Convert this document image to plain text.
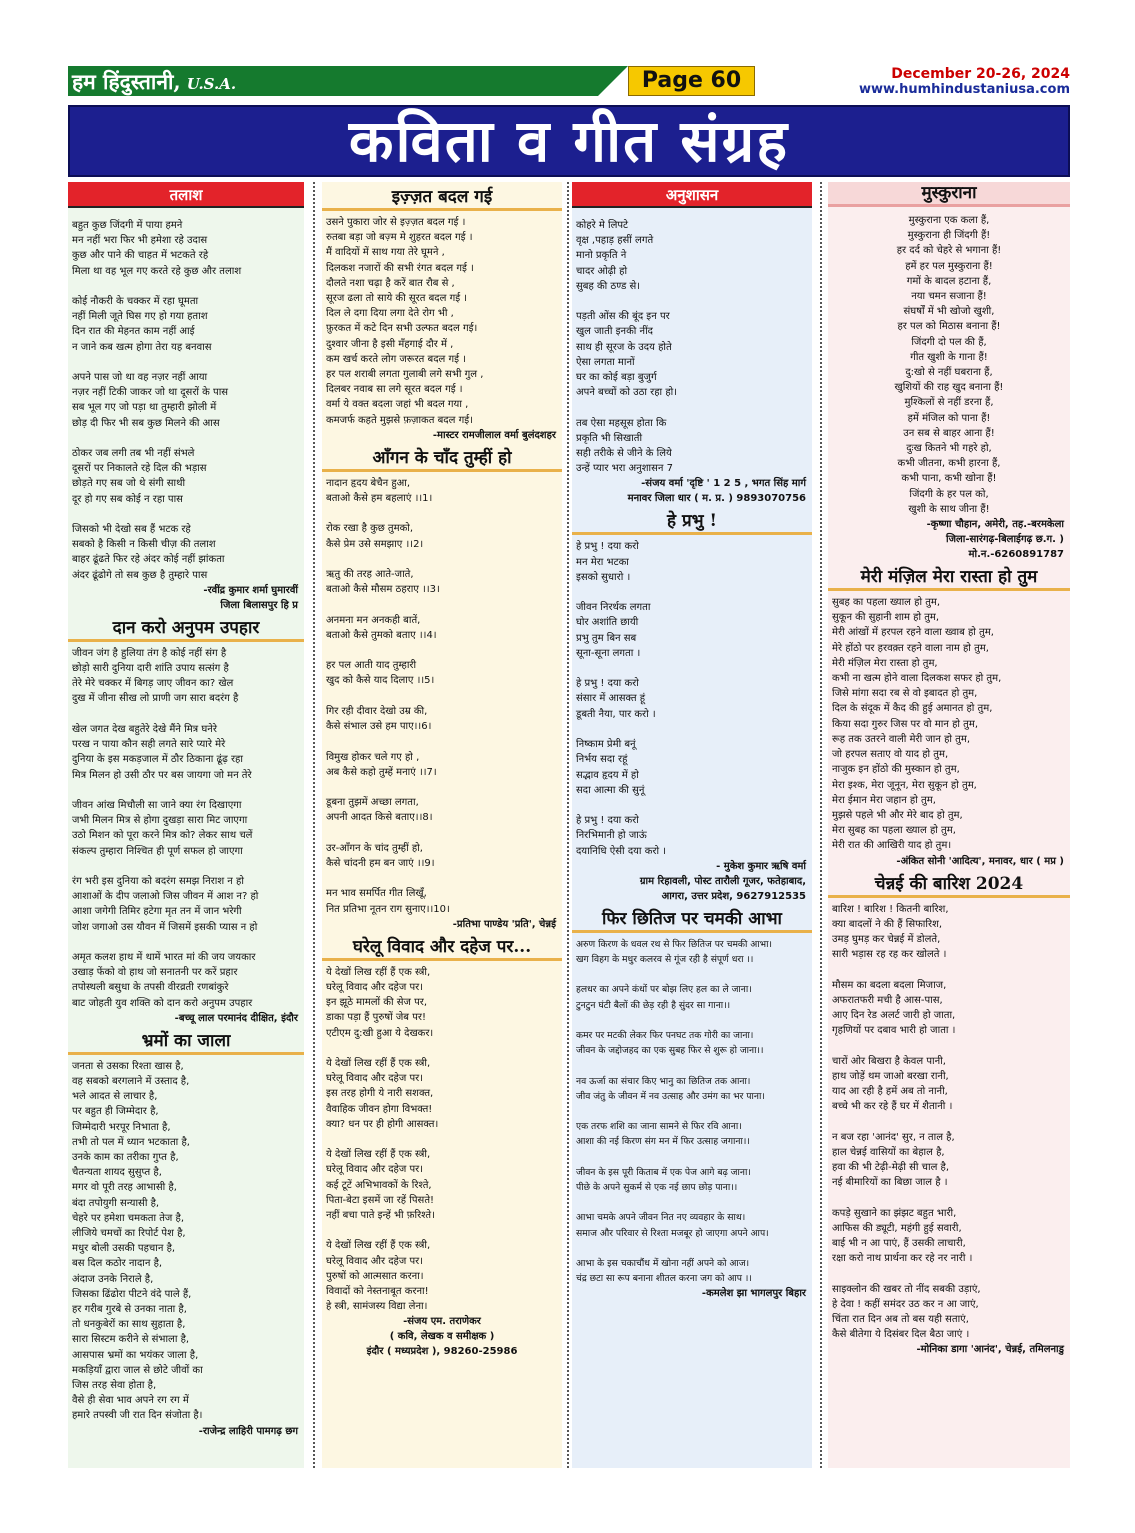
हम हिंदुस्तानी, U.S.A.	Page 60	December 20-26, 2024
www.humhindustaniusa.com
कविता व गीत संग्रह
तलाश
बहुत कुछ जिंदगी में पाया हमने
मन नहीं भरा फिर भी हमेशा रहे उदास
कुछ और पाने की चाहत में भटकते रहे
मिला था वह भूल गए करते रहे कुछ और तलाश

कोई नौकरी के चक्कर में रहा घूमता
नहीं मिली जूते घिस गए हो गया हताश
दिन रात की मेहनत काम नहीं आई
न जाने कब खत्म होगा तेरा यह बनवास

अपने पास जो था वह नज़र नहीं आया
नज़र नहीं टिकी जाकर जो था दूसरों के पास
सब भूल गए जो पड़ा था तुम्हारी झोली में
छोड़ दी फिर भी सब कुछ मिलने की आस

ठोकर जब लगी तब भी नहीं संभले
दूसरों पर निकालते रहे दिल की भड़ास
छोड़ते गए सब जो थे संगी साथी
दूर हो गए सब कोई न रहा पास

जिसको भी देखो सब हैं भटक रहे
सबको है किसी न किसी चीज़ की तलाश
बाहर ढूंढते फिर रहे अंदर कोई नहीं झांकता
अंदर ढूंढोगे तो सब कुछ है तुम्हारे पास
-रवींद्र कुमार शर्मा घुमारवीं
जिला बिलासपुर हि प्र
दान करो अनुपम उपहार
जीवन जंग है हुलिया तंग है कोई नहीं संग है
छोड़ो सारी दुनिया दारी शांति उपाय सत्संग है
तेरे मेरे चक्कर में बिगड़ जाए जीवन का? खेल
दुख में जीना सीख लो प्राणी जग सारा बदरंग है

खेल जगत देख बहुतेरे देखे मैंने मित्र घनेरे
परख न पाया कौन सही लगते सारे प्यारे मेरे
दुनिया के इस मकड़जाल में ठौर ठिकाना ढूंढ़ रहा
मित्र मिलन हो उसी ठौर पर बस जायगा जो मन तेरे

जीवन आंख मिचौली सा जाने क्या रंग दिखाएगा
जभी मिलन मित्र से होगा दुखड़ा सारा मिट जाएगा
उठो मिशन को पूरा करने मित्र को? लेकर साथ चलें
संकल्प तुम्हारा निश्चित ही पूर्ण सफल हो जाएगा

रंग भरी इस दुनिया को बदरंग समझ निराश न हो
आशाओं के दीप जलाओ जिस जीवन में आश न? हो
आशा जगेगी तिमिर हटेगा मृत तन में जान भरेगी
जोश जगाओ उस यौवन में जिसमें इसकी प्यास न हो

अमृत कलश हाथ में थामें भारत मां की जय जयकार
उखाड़ फेंको वो हाथ जो सनातनी पर करें प्रहार
तपोस्थली बसुधा के तपसी वीरव्रती रणबांकुरे
बाट जोहती युव शक्ति को दान करो अनुपम उपहार
-बच्चू लाल परमानंद दीक्षित, इंदौर
भ्रमों का जाला
जनता से उसका रिश्ता खास है,
वह सबको बरगलाने में उस्ताद है,
भले आदत से लाचार है,
पर बहुत ही जिम्मेदार है,
जिम्मेदारी भरपूर निभाता है,
तभी तो पल में ध्यान भटकाता है,
उनके काम का तरीका गुप्त है,
चैतन्यता शायद सुसुप्त है,
मगर वो पूरी तरह आभासी है,
बंदा तपोयुगी सन्यासी है,
चेहरे पर हमेशा चमकता तेज है,
लीजिये चमचों का रिपोर्ट पेश है,
मधुर बोली उसकी पहचान है,
बस दिल कठोर नादान है,
अंदाज उनके निराले है,
जिसका ढिंढोरा पीटने वंदे पाले हैं,
हर गरीब गुरबे से उनका नाता है,
तो धनकुबेरों का साथ सुहाता है,
सारा सिस्टम करीने से संभाला है,
आसपास भ्रमों का भयंकर जाला है,
मकड़ियाँ द्वारा जाल से छोटे जीवों का
जिस तरह सेवा होता है,
वैसे ही सेवा भाव अपने रग रग में
हमारे तपस्वी जी रात दिन संजोता है।
-राजेन्द्र लाहिरी पामगढ़ छग
इज़्ज़त बदल गई
उसने पुकारा जोर से इज़्ज़त बदल गई ।
रुतबा बड़ा जो बज़्म मे शुहरत बदल गई ।
मैं वादियों में साथ गया तेरे घूमने ,
दिलकश नजारों की सभी रंगत बदल गई ।
दौलते नशा चढ़ा है करें बात रौब से ,
सूरज ढला तो साये की सूरत बदल गई ।
दिल ले दगा दिया लगा देते रोग भी ,
फ़ुरकत में कटे दिन सभी उल्फत बदल गई।
दुश्वार जीना है इसी मँहगाई दौर में ,
कम खर्च करते लोग जरूरत बदल गई ।
हर पल शराबी लगता गुलाबी लगे सभी गुल ,
दिलबर नवाब सा लगे सूरत बदल गई ।
वर्मा ये वक्त बदला जहां भी बदल गया ,
कमजर्फ कहते मुझसे फ़ज़ाकत बदल गई।
-मास्टर रामजीलाल वर्मा बुलंदशहर
आँगन के चाँद तुम्हीं हो
नादान हृदय बेचैन हुआ,
बताओ कैसे हम बहलाएं ।।1।

रोक रखा है कुछ तुमको,
कैसे प्रेम उसे समझाए ।।2।

ऋतु की तरह आते-जाते,
बताओ कैसे मौसम ठहराए ।।3।

अनमना मन अनकही बातें,
बताओ कैसे तुमको बताए ।।4।

हर पल आती याद तुम्हारी
खुद को कैसे याद दिलाए ।।5।

गिर रही दीवार देखो उम्र की,
कैसे संभाल उसे हम पाए।।6।

विमुख होकर चले गए हो ,
अब कैसे कहो तुम्हें मनाएं ।।7।

डूबना तुझमें अच्छा लगता,
अपनी आदत किसे बताए।।8।

उर-आँगन के चांद तुम्हीं हो,
कैसे चांदनी हम बन जाएं ।।9।

मन भाव समर्पित गीत लिखूँ,
नित प्रतिभा नूतन राग सुनाए।।10।
-प्रतिभा पाण्डेय 'प्रति', चेन्नई
घरेलू विवाद और दहेज पर...
ये देखों लिख रहीं हैं एक स्त्री,
घरेलू विवाद और दहेज पर।
इन झूठे मामलों की सेज पर,
डाका पड़ा हैं पुरुषों जेब पर!
एटीएम दु:खी हुआ ये देखकर।

ये देखों लिख रहीं हैं एक स्त्री,
घरेलू विवाद और दहेज पर।
इस तरह होगी ये नारी सशक्त,
वैवाहिक जीवन होगा विभक्त!
क्या? धन पर ही होगी आसक्त।

ये देखों लिख रहीं हैं एक स्त्री,
घरेलू विवाद और दहेज पर।
कई टूटें अभिभावकों के रिश्ते,
पिता-बेटा इसमें जा रहें पिसते!
नहीं बचा पाते इन्हें भी फ़रिश्ते।

ये देखों लिख रहीं हैं एक स्त्री,
घरेलू विवाद और दहेज पर।
पुरुषों को आत्मसात करना।
विवादों को नेस्तनाबूत करना!
हे स्त्री, सामंजस्य विद्या लेना।
-संजय एम. तराणेकर
( कवि, लेखक व समीक्षक )
इंदौर ( मध्यप्रदेश ), 98260-25986
अनुशासन
कोहरे मे लिपटे
वृक्ष ,पहाड़ हसीं लगते
मानो प्रकृति ने
चादर ओढ़ी हो
सुबह की ठण्ड से।

पड़ती ओंस की बूंद इन पर
खुल जाती इनकी नींद
साथ ही सूरज के उदय होते
ऐसा लगता मानों
घर का कोई बड़ा बुजुर्ग
अपने बच्चों को उठा रहा हो।

तब ऐसा महसूस होता कि
प्रकृति भी सिखाती
सही तरीके से जीने के लिये
उन्हें प्यार भरा अनुशासन 7
-संजय वर्मा 'दृष्टि ' 1 2 5 , भगत सिंह मार्ग
मनावर जिला धार ( म. प्र. ) 9893070756
हे प्रभु !
हे प्रभु ! दया करो
मन मेरा भटका
इसको सुधारो ।

जीवन निरर्थक लगता
घोर अशांति छायी
प्रभु तुम बिन सब
सूना-सूना लगता ।

हे प्रभु ! दया करो
संसार में आसक्त हूं
डूबती नैया, पार करो ।

निष्काम प्रेमी बनूं
निर्भय सदा रहूं
सद्भाव हृदय में हो
सदा आत्मा की सुनूं

हे प्रभु ! दया करो
निरभिमानी हो जाऊं
दयानिधि ऐसी दया करो ।
- मुकेश कुमार ऋषि वर्मा
ग्राम रिहावली, पोस्ट तारौली गूजर, फतेहाबाद,
आगरा, उत्तर प्रदेश, 9627912535
फिर छितिज पर चमकी आभा
अरुण किरण के धवल रथ से फिर छितिज पर चमकी आभा।
खग विहग के मधुर कलरव से गूंज रही है संपूर्ण धरा ।।

हलधर का अपने कंधों पर बोझ लिए हल का ले जाना।
टुनटुन घंटी बैलों की छेड़ रही है सुंदर सा गाना।।

कमर पर मटकी लेकर फिर पनघट तक गोरी का जाना।
जीवन के जद्दोजहद का एक सुबह फिर से शुरू हो जाना।।

नव ऊर्जा का संचार किए भानु का छितिज तक आना।
जीव जंतु के जीवन में नव उत्साह और उमंग का भर पाना।

एक तरफ शशि का जाना सामने से फिर रवि आना।
आशा की नई किरण संग मन में फिर उत्साह जगाना।।

जीवन के इस पूरी किताब में एक पेज आगे बढ़ जाना।
पीछे के अपने सुकर्म से एक नई छाप छोड़ पाना।।

आभा चमके अपने जीवन नित नए व्यवहार के साथ।
समाज और परिवार से रिश्ता मजबूर हो जाएगा अपने आप।

आभा के इस चकाचौंध में खोना नहीं अपने को आज।
चंद्र छटा सा रूप बनाना शीतल करना जग को आप ।।
-कमलेश झा भागलपुर बिहार
मुस्कुराना
मुस्कुराना एक कला हैं,
मुस्कुराना ही जिंदगी हैं!
हर दर्द को चेहरे से भगाना हैं!
हमें हर पल मुस्कुराना हैं!
गमों के बादल हटाना हैं,
नया चमन सजाना हैं!
संघर्षों में भी खोजो खुशी,
हर पल को मिठास बनाना हैं!
जिंदगी दो पल की हैं,
गीत खुशी के गाना हैं!
दु:खो से नहीं घबराना हैं,
खुशियों की राह खुद बनाना हैं!
मुश्किलों से नहीं डरना हैं,
हमें मंजिल को पाना हैं!
उन सब से बाहर आना हैं!
दुःख कितने भी गहरे हो,
कभी जीतना, कभी हारना हैं,
कभी पाना, कभी खोना हैं!
जिंदगी के हर पल को,
खुशी के साथ जीना हैं!
-कृष्णा चौहान, अमेरी, तह.-बरमकेला
जिला-सारंगढ़-बिलाईगढ़ छ.ग. )
मो.न.-6260891787
मेरी मंज़िल मेरा रास्ता हो तुम
सुबह का पहला ख्याल हो तुम,
सुकून की सुहानी शाम हो तुम,
मेरी आंखों में हरपल रहने वाला ख्वाब हो तुम,
मेरे होंठो पर हरवक़्त रहने वाला नाम हो तुम,
मेरी मंज़िल मेरा रास्ता हो तुम,
कभी ना खत्म होने वाला दिलकश सफर हो तुम,
जिसे मांगा सदा रब से वो इबादत हो तुम,
दिल के संदूक में कैद की हुई अमानत हो तुम,
किया सदा गुरुर जिस पर वो मान हो तुम,
रूह तक उतरने वाली मेरी जान हो तुम,
जो हरपल सताए वो याद हो तुम,
नाजुक इन होंठो की मुस्कान हो तुम,
मेरा इश्क, मेरा जूनून, मेरा सुकून हो तुम,
मेरा ईमान मेरा जहान हो तुम,
मुझसे पहले भी और मेरे बाद हो तुम,
मेरा सुबह का पहला ख्याल हो तुम,
मेरी रात की आखिरी याद हो तुम।
-अंकित सोनी 'आदित्य', मनावर, धार ( मप्र )
चेन्नई की बारिश 2024
बारिश ! बारिश ! कितनी बारिश,
क्या बादलों ने की हैं सिफारिश,
उमड़ घुमड़ कर चेन्नई में डोलते,
सारी भड़ास रह रह कर खोलते ।

मौसम का बदला बदला मिजाज,
अफरातफरी मची है आस-पास,
आए दिन रेड अलर्ट जारी हो जाता,
गृहणियों पर दबाव भारी हो जाता ।

चारों ओर बिखरा है केवल पानी,
हाथ जोड़ें थम जाओ बरखा रानी,
याद आ रही है हमें अब तो नानी,
बच्चे भी कर रहे हैं घर में शैतानी ।

न बज रहा 'आनंद' सुर, न ताल है,
हाल चेन्नई वासियों का बेहाल है,
हवा की भी टेढ़ी-मेढ़ी सी चाल है,
नई बीमारियों का बिछा जाल है ।

कपड़े सुखाने का झंझट बहुत भारी,
आफिस की ड्यूटी, महंगी हुई सवारी,
बाई भी न आ पाएं, हैं उसकी लाचारी,
रक्षा करो नाथ प्रार्थना कर रहे नर नारी ।

साइक्लोन की खबर तो नींद सबकी उड़ाएं,
हे देवा ! कहीं समंदर उठ कर न आ जाएं,
चिंता रात दिन अब तो बस यही सताएं,
कैसे बीतेगा ये दिसंबर दिल बैठा जाएं ।
-मोनिका डागा 'आनंद', चेन्नई, तमिलनाडु
